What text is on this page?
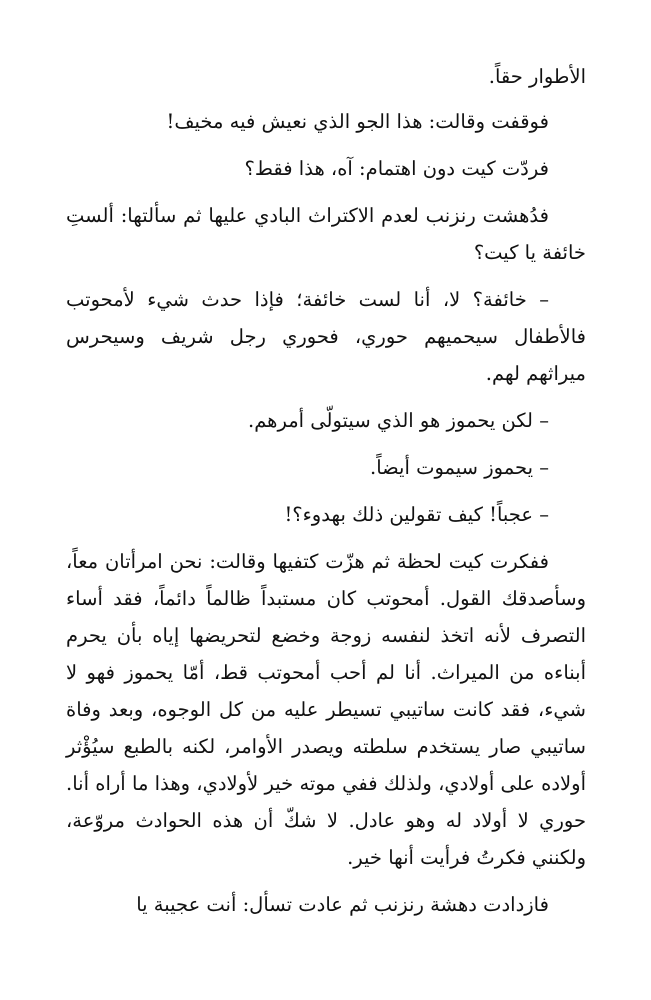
الأطوار حقاً.

فوقفت وقالت: هذا الجو الذي نعيش فيه مخيف!

فردّت كيت دون اهتمام: آه، هذا فقط؟

فدُهشت رنزنب لعدم الاكتراث البادي عليها ثم سألتها: ألستِ خائفة يا كيت؟

– خائفة؟ لا، أنا لست خائفة؛ فإذا حدث شيء لأمحوتب فالأطفال سيحميهم حوري، فحوري رجل شريف وسيحرس ميراثهم لهم.

– لكن يحموز هو الذي سيتولّى أمرهم.

– يحموز سيموت أيضاً.

– عجباً! كيف تقولين ذلك بهدوء؟!

ففكرت كيت لحظة ثم هزّت كتفيها وقالت: نحن امرأتان معاً، وسأصدقك القول. أمحوتب كان مستبداً ظالماً دائماً، فقد أساء التصرف لأنه اتخذ لنفسه زوجة وخضع لتحريضها إياه بأن يحرم أبناءه من الميراث. أنا لم أحب أمحوتب قط، أمّا يحموز فهو لا شيء، فقد كانت ساتيبي تسيطر عليه من كل الوجوه، وبعد وفاة ساتيبي صار يستخدم سلطته ويصدر الأوامر، لكنه بالطبع سيُؤْثر أولاده على أولادي، ولذلك ففي موته خير لأولادي، وهذا ما أراه أنا. حوري لا أولاد له وهو عادل. لا شكّ أن هذه الحوادث مروّعة، ولكنني فكرتُ فرأيت أنها خير.

فازدادت دهشة رنزنب ثم عادت تسأل: أنت عجيبة يا
